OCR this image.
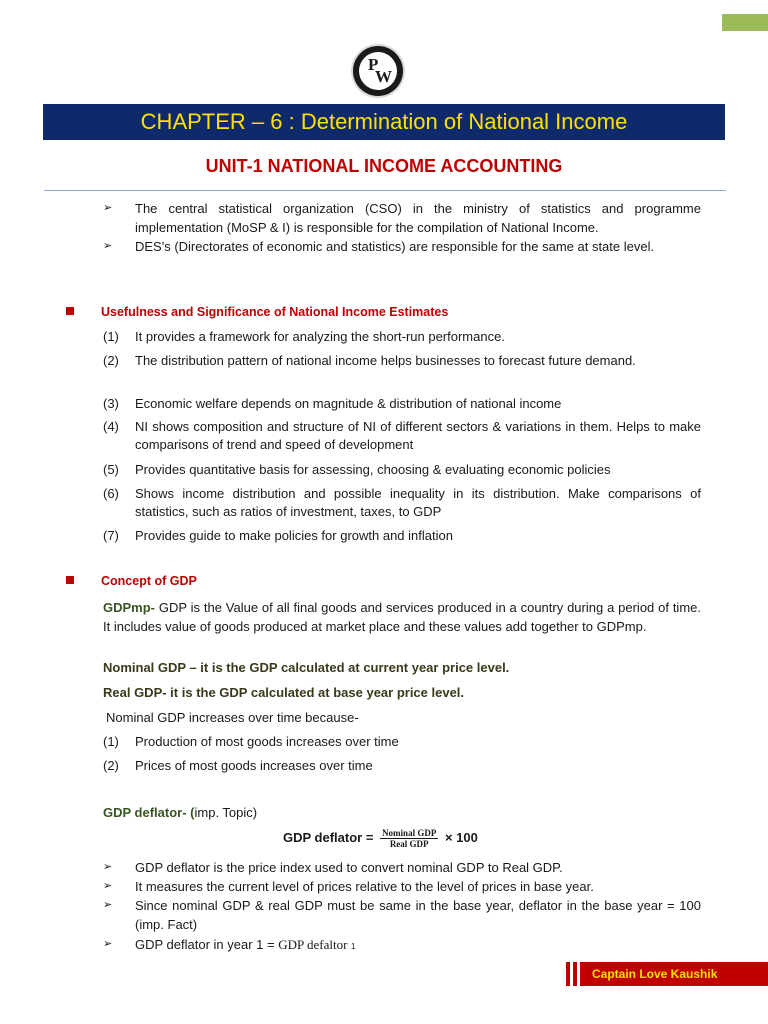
P
W
CHAPTER – 6 : Determination of National Income
UNIT-1 NATIONAL INCOME ACCOUNTING
➢ The central statistical organization (CSO) in the ministry of statistics and programme implementation (MoSP & I) is responsible for the compilation of National Income.
➢ DES's (Directorates of economic and statistics) are responsible for the same at state level.
Usefulness and Significance of National Income Estimates
(1) It provides a framework for analyzing the short-run performance.
(2) The distribution pattern of national income helps businesses to forecast future demand.
(3) Economic welfare depends on magnitude & distribution of national income
(4) NI shows composition and structure of NI of different sectors & variations in them. Helps to make comparisons of trend and speed of development
(5) Provides quantitative basis for assessing, choosing & evaluating economic policies
(6) Shows income distribution and possible inequality in its distribution. Make comparisons of statistics, such as ratios of investment, taxes, to GDP
(7) Provides guide to make policies for growth and inflation
Concept of GDP
GDPmp- GDP is the Value of all final goods and services produced in a country during a period of time. It includes value of goods produced at market place and these values add together to GDPmp.
Nominal GDP – it is the GDP calculated at current year price level.
Real GDP- it is the GDP calculated at base year price level.
Nominal GDP increases over time because-
(1) Production of most goods increases over time
(2) Prices of most goods increases over time
GDP deflator- (imp. Topic)
GDP deflator = $\frac{\text{Nominal GDP}}{\text{Real GDP}} \times 100$
➢ GDP deflator is the price index used to convert nominal GDP to Real GDP.
➢ It measures the current level of prices relative to the level of prices in base year.
➢ Since nominal GDP & real GDP must be same in the base year, deflator in the base year = 100 (imp. Fact)
➢ GDP deflator in year 1 = GDP defaltor 1
Captain Love Kaushik
